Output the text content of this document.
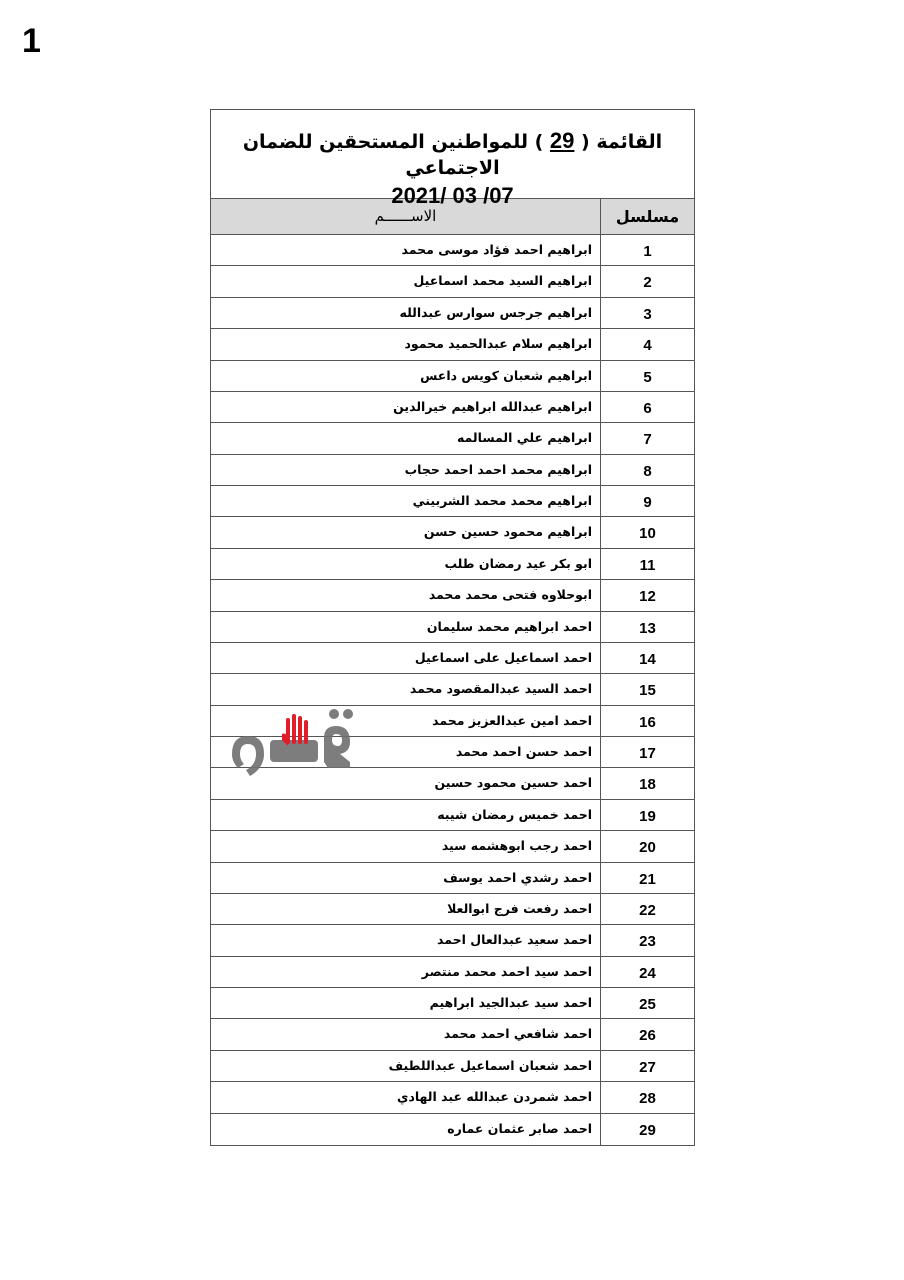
1
القائمة ( 29 ) للمواطنين المستحقين للضمان الاجتماعي
2021/ 03 /07
مسلسل
الاســــــم
1
ابراهيم احمد فؤاد موسى محمد
2
ابراهيم السيد محمد اسماعيل
3
ابراهيم جرجس سوارس عبدالله
4
ابراهيم سلام عبدالحميد محمود
5
ابراهيم شعبان كويس داعس
6
ابراهيم عبدالله ابراهيم خيرالدين
7
ابراهيم علي المسالمه
8
ابراهيم محمد احمد احمد حجاب
9
ابراهيم محمد محمد الشربيني
10
ابراهيم محمود حسين حسن
11
ابو بكر عيد رمضان طلب
12
ابوحلاوه فتحى محمد محمد
13
احمد ابراهيم محمد سليمان
14
احمد اسماعيل على اسماعيل
15
احمد السيد عبدالمقصود محمد
16
احمد امين عبدالعزيز محمد
17
احمد حسن احمد محمد
18
احمد حسين محمود حسين
19
احمد خميس رمضان شيبه
20
احمد رجب ابوهشمه سيد
21
احمد رشدي احمد يوسف
22
احمد رفعت فرج ابوالعلا
23
احمد سعيد عبدالعال احمد
24
احمد سيد احمد محمد منتصر
25
احمد سيد عبدالجيد ابراهيم
26
احمد شافعي احمد محمد
27
احمد شعبان اسماعيل عبداللطيف
28
احمد شمردن عبدالله عبد الهادي
29
احمد صابر عثمان عماره
